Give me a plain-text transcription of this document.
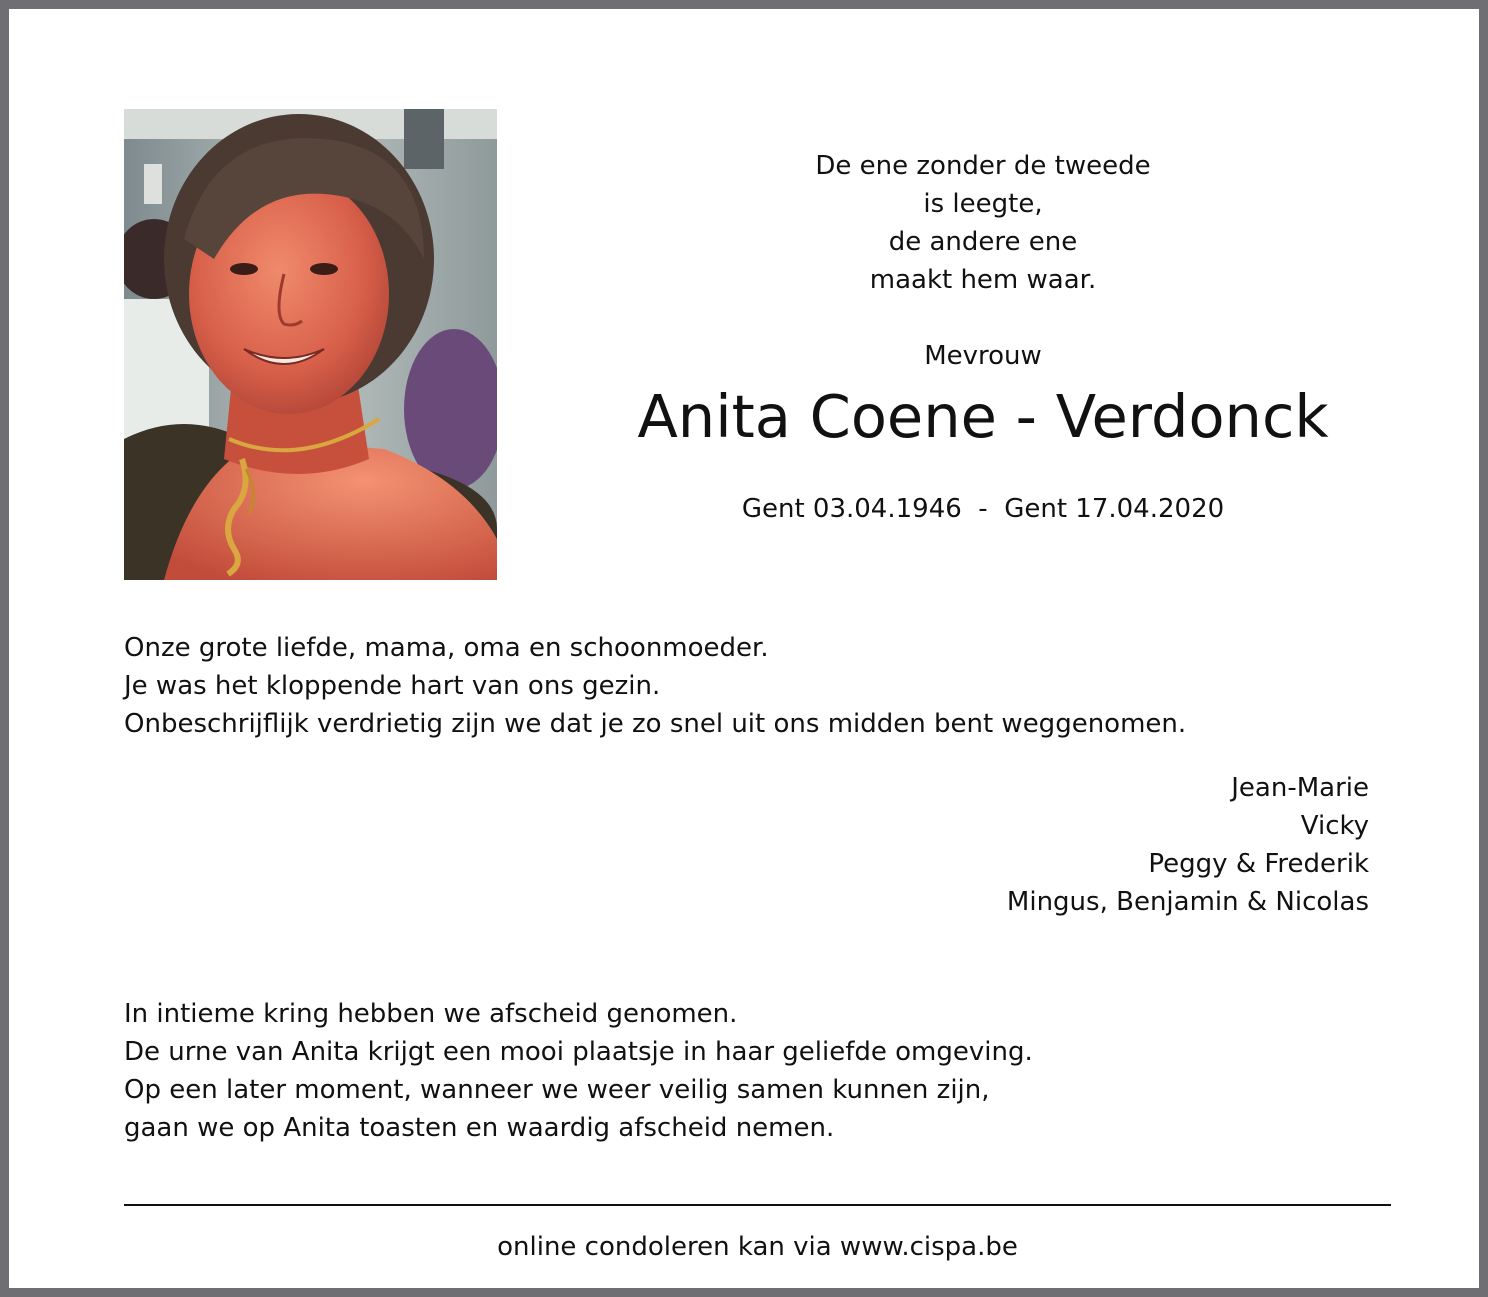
De ene zonder de tweede
is leegte,
de andere ene
maakt hem waar.
Mevrouw
Anita Coene - Verdonck
Gent 03.04.1946  -  Gent 17.04.2020
Onze grote liefde, mama, oma en schoonmoeder.
Je was het kloppende hart van ons gezin.
Onbeschrijflijk verdrietig zijn we dat je zo snel uit ons midden bent weggenomen.
Jean-Marie
Vicky
Peggy & Frederik
Mingus, Benjamin & Nicolas
In intieme kring hebben we afscheid genomen.
De urne van Anita krijgt een mooi plaatsje in haar geliefde omgeving.
Op een later moment, wanneer we weer veilig samen kunnen zijn,
gaan we op Anita toasten en waardig afscheid nemen.
online condoleren kan via www.cispa.be
